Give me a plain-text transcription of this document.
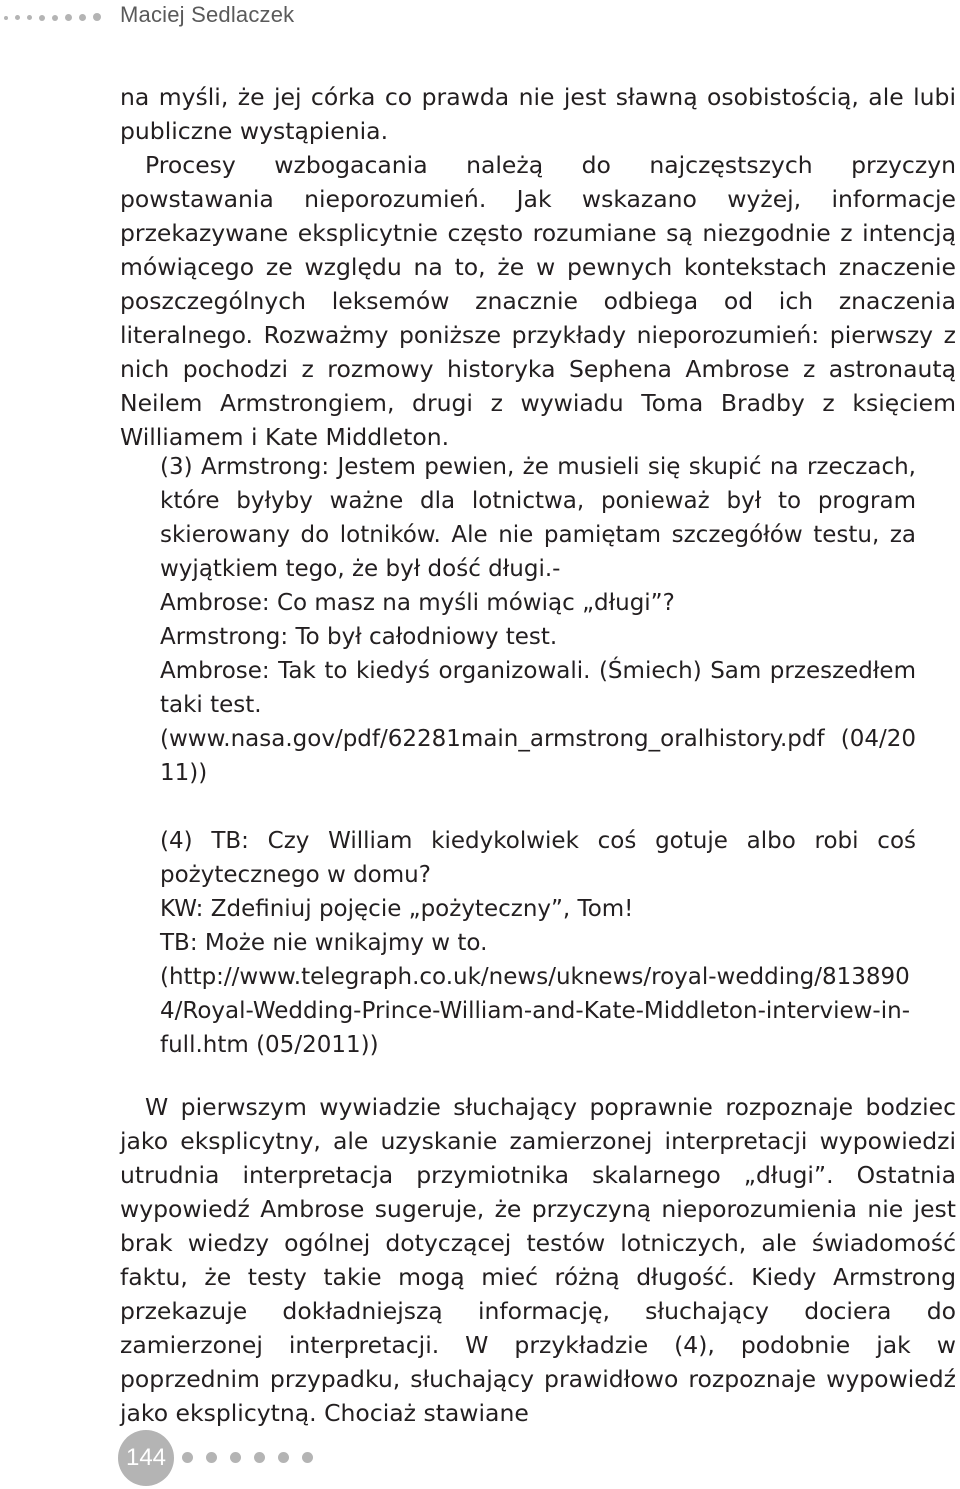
Maciej Sedlaczek

na myśli, że jej córka co prawda nie jest sławną osobistością, ale lubi publiczne wystąpienia.

Procesy wzbogacania należą do najczęstszych przyczyn powstawania nieporozumień. Jak wskazano wyżej, informacje przekazywane eksplicytnie często rozumiane są niezgodnie z intencją mówiącego ze względu na to, że w pewnych kontekstach znaczenie poszczególnych leksemów znacznie odbiega od ich znaczenia literalnego. Rozważmy poniższe przykłady nieporozumień: pierwszy z nich pochodzi z rozmowy historyka Sephena Ambrose z astronautą Neilem Armstrongiem, drugi z wywiadu Toma Bradby z księciem Williamem i Kate Middleton.

(3) Armstrong: Jestem pewien, że musieli się skupić na rzeczach, które byłyby ważne dla lotnictwa, ponieważ był to program skierowany do lotników. Ale nie pamiętam szczegółów testu, za wyjątkiem tego, że był dość długi.-

Ambrose: Co masz na myśli mówiąc „długi”?

Armstrong: To był całodniowy test.

Ambrose: Tak to kiedyś organizowali. (Śmiech) Sam przeszedłem taki test.

(www.nasa.gov/pdf/62281main_armstrong_oralhistory.pdf (04/2011))

(4) TB: Czy William kiedykolwiek coś gotuje albo robi coś pożytecznego w domu?

KW: Zdefiniuj pojęcie „pożyteczny”, Tom!

TB: Może nie wnikajmy w to.

(http://www.telegraph.co.uk/news/uknews/royal-wedding/8138904/Royal-Wedding-Prince-William-and-Kate-Middleton-interview-in-full.htm (05/2011))

W pierwszym wywiadzie słuchający poprawnie rozpoznaje bodziec jako eksplicytny, ale uzyskanie zamierzonej interpretacji wypowiedzi utrudnia interpretacja przymiotnika skalarnego „długi”. Ostatnia wypowiedź Ambrose sugeruje, że przyczyną nieporozumienia nie jest brak wiedzy ogólnej dotyczącej testów lotniczych, ale świadomość faktu, że testy takie mogą mieć różną długość. Kiedy Armstrong przekazuje dokładniejszą informację, słuchający dociera do zamierzonej interpretacji. W przykładzie (4), podobnie jak w poprzednim przypadku, słuchający prawidłowo rozpoznaje wypowiedź jako eksplicytną. Chociaż stawiane

144
